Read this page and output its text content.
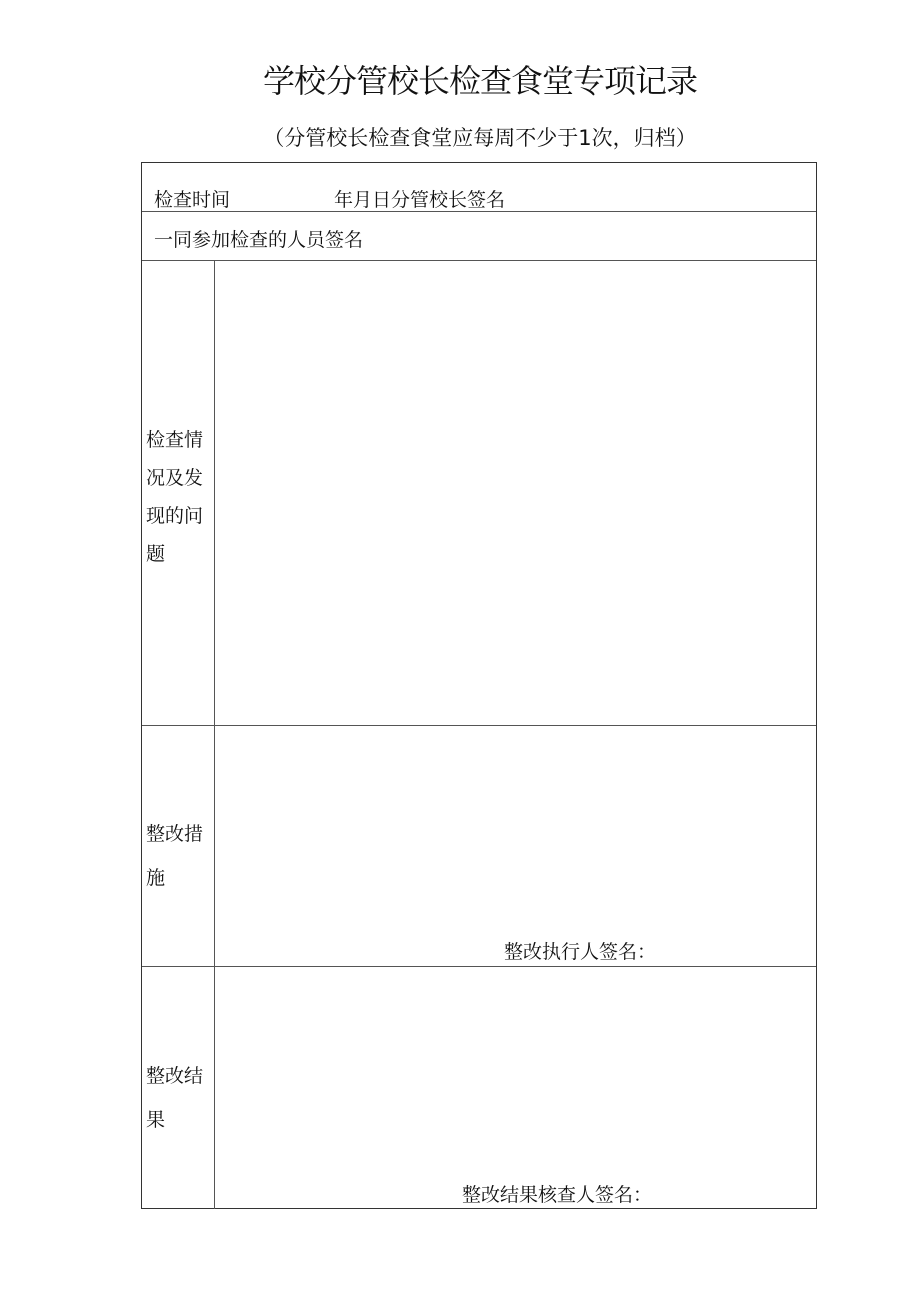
学校分管校长检查食堂专项记录
（分管校长检查食堂应每周不少于1次，归档）
检查时间	年月日分管校长签名
一同参加检查的人员签名
检查情况及发现的问题
整改措施
整改执行人签名：
整改结果
整改结果核查人签名：
